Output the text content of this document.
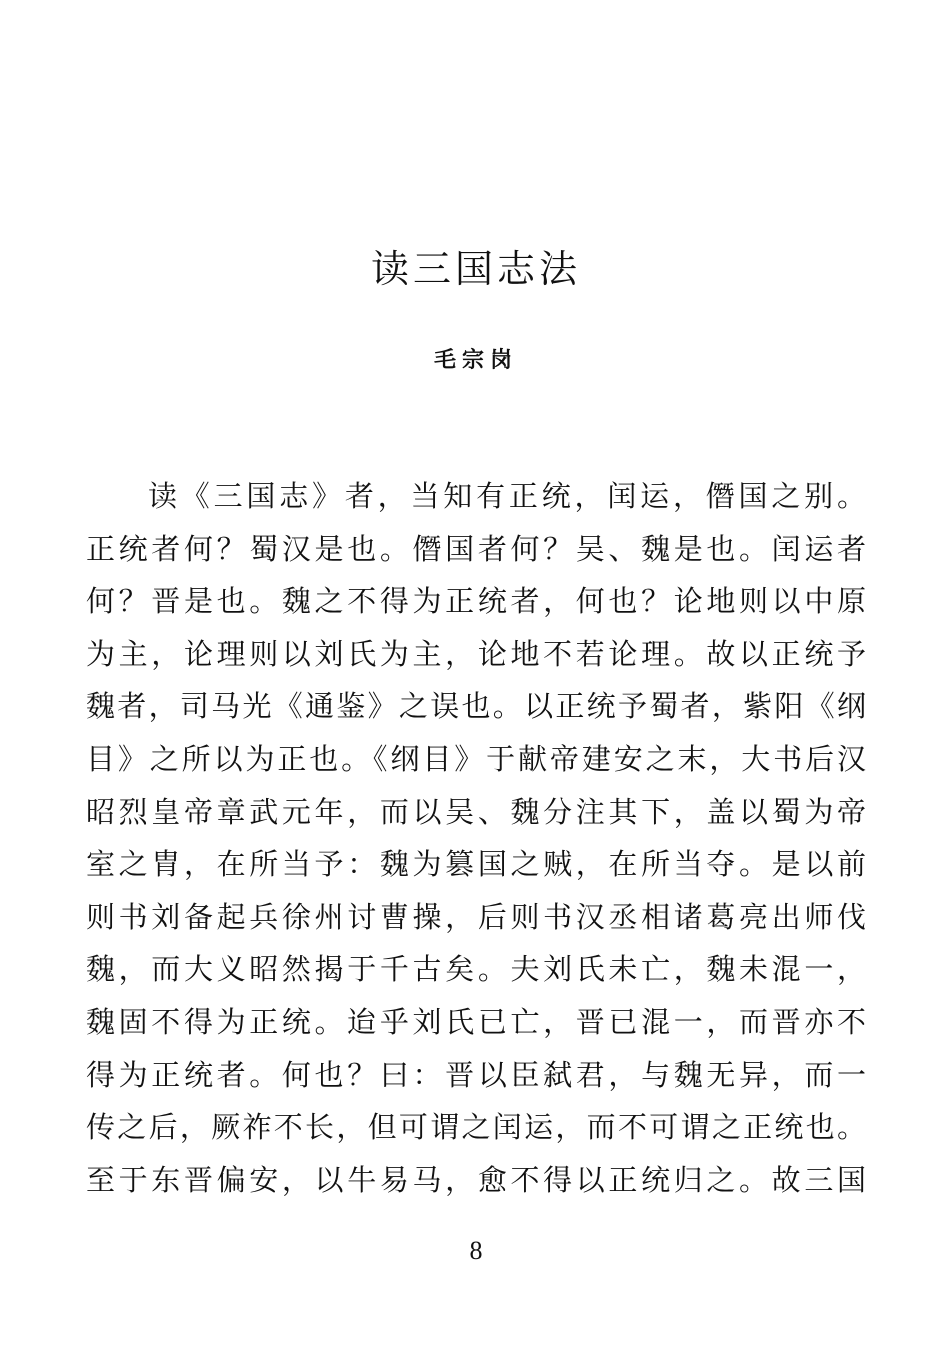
读三国志法
毛宗岗
读《三国志》者，当知有正统，闰运，僭国之别。
正统者何？蜀汉是也。僭国者何？吴、魏是也。闰运者
何？晋是也。魏之不得为正统者，何也？论地则以中原
为主，论理则以刘氏为主，论地不若论理。故以正统予
魏者，司马光《通鉴》之误也。以正统予蜀者，紫阳《纲
目》之所以为正也。《纲目》于献帝建安之末，大书后汉
昭烈皇帝章武元年，而以吴、魏分注其下，盖以蜀为帝
室之胄，在所当予：魏为篡国之贼，在所当夺。是以前
则书刘备起兵徐州讨曹操，后则书汉丞相诸葛亮出师伐
魏，而大义昭然揭于千古矣。夫刘氏未亡，魏未混一，
魏固不得为正统。迨乎刘氏已亡，晋已混一，而晋亦不
得为正统者。何也？曰：晋以臣弑君，与魏无异，而一
传之后，厥祚不长，但可谓之闰运，而不可谓之正统也。
至于东晋偏安，以牛易马，愈不得以正统归之。故三国
8
